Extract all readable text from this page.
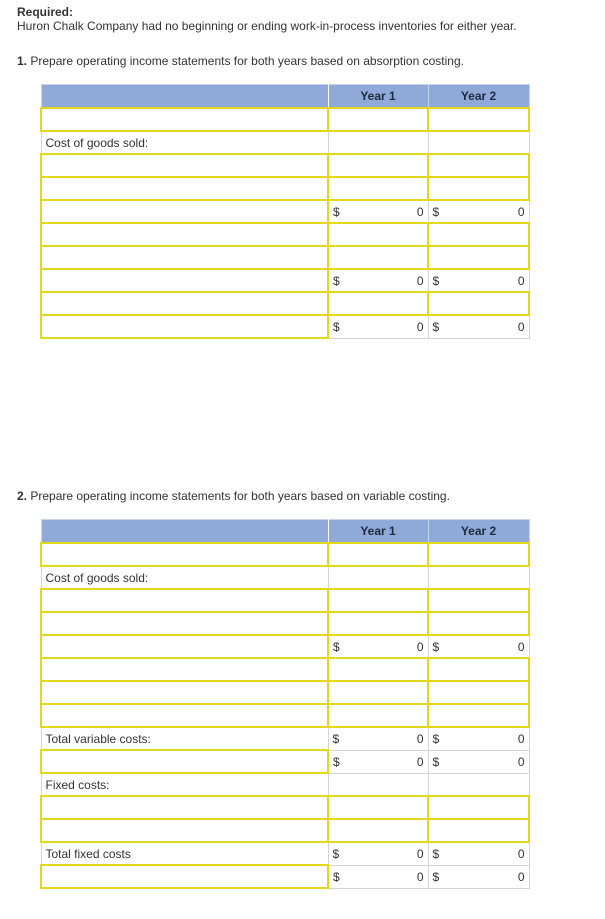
Required:
Huron Chalk Company had no beginning or ending work-in-process inventories for either year.
1. Prepare operating income statements for both years based on absorption costing.
	Year 1	Year 2

Cost of goods sold:		

	$ 0	$ 0

	$ 0	$ 0

	$ 0	$ 0
2. Prepare operating income statements for both years based on variable costing.
	Year 1	Year 2

Cost of goods sold:		

	$ 0	$ 0

Total variable costs:	$ 0	$ 0

	$ 0	$ 0

Fixed costs:		

Total fixed costs	$ 0	$ 0

	$ 0	$ 0
